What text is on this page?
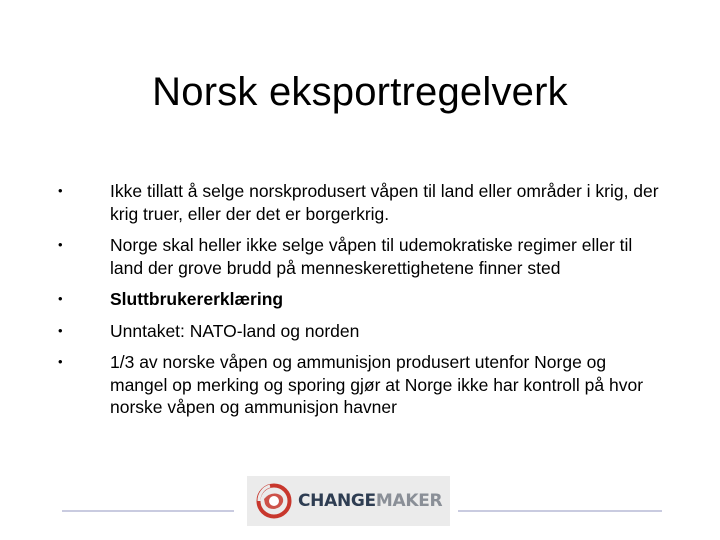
Norsk eksportregelverk
•	Ikke tillatt å selge norskprodusert våpen til land eller områder i krig, der krig truer, eller der det er borgerkrig.
•	Norge skal heller ikke selge våpen til udemokratiske regimer eller til land der grove brudd på menneskerettighetene finner sted
•	Sluttbrukererklæring
•	Unntaket: NATO-land og norden
•	1/3 av norske våpen og ammunisjon produsert utenfor Norge og mangel op merking og sporing gjør at Norge ikke har kontroll på hvor norske våpen og ammunisjon havner
CHANGEMAKER
